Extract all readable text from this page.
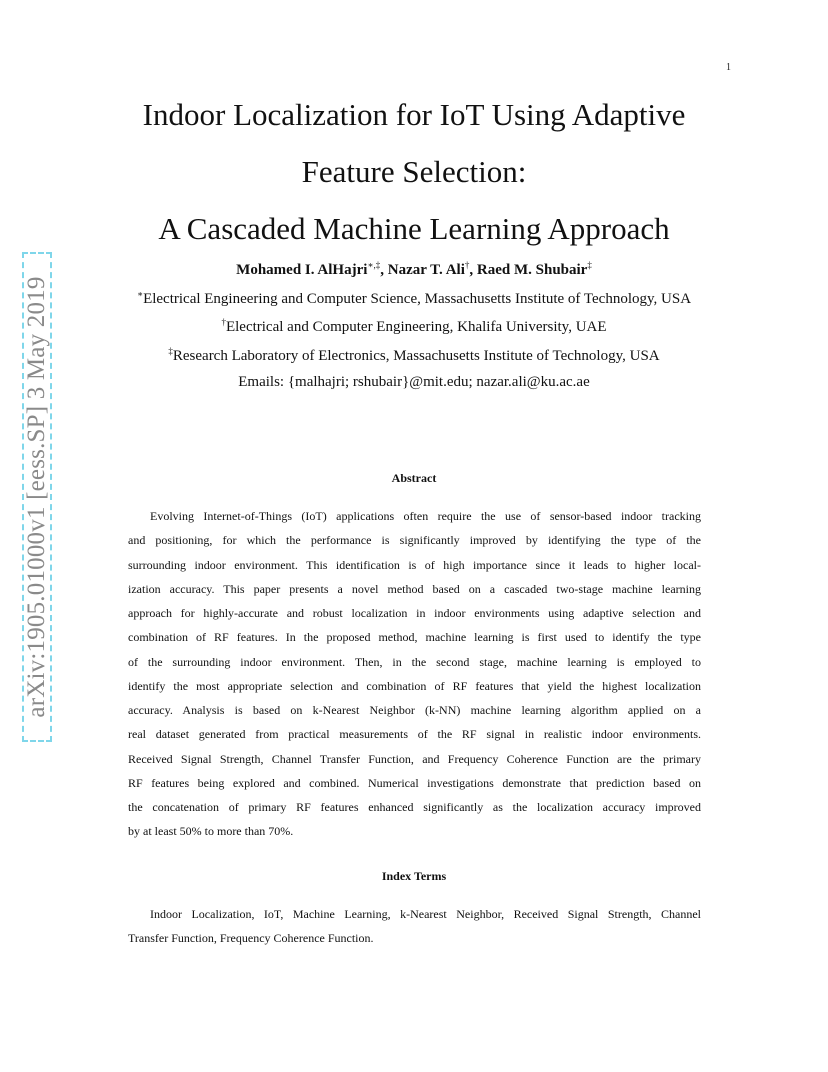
1
arXiv:1905.01000v1 [eess.SP] 3 May 2019
Indoor Localization for IoT Using Adaptive
Feature Selection:
A Cascaded Machine Learning Approach
Mohamed I. AlHajri∗,‡, Nazar T. Ali†, Raed M. Shubair‡
∗Electrical Engineering and Computer Science, Massachusetts Institute of Technology, USA
†Electrical and Computer Engineering, Khalifa University, UAE
‡Research Laboratory of Electronics, Massachusetts Institute of Technology, USA
Emails: {malhajri; rshubair}@mit.edu; nazar.ali@ku.ac.ae
Abstract
Evolving Internet-of-Things (IoT) applications often require the use of sensor-based indoor tracking
and positioning, for which the performance is significantly improved by identifying the type of the
surrounding indoor environment. This identification is of high importance since it leads to higher local-
ization accuracy. This paper presents a novel method based on a cascaded two-stage machine learning
approach for highly-accurate and robust localization in indoor environments using adaptive selection and
combination of RF features. In the proposed method, machine learning is first used to identify the type
of the surrounding indoor environment. Then, in the second stage, machine learning is employed to
identify the most appropriate selection and combination of RF features that yield the highest localization
accuracy. Analysis is based on k-Nearest Neighbor (k-NN) machine learning algorithm applied on a
real dataset generated from practical measurements of the RF signal in realistic indoor environments.
Received Signal Strength, Channel Transfer Function, and Frequency Coherence Function are the primary
RF features being explored and combined. Numerical investigations demonstrate that prediction based on
the concatenation of primary RF features enhanced significantly as the localization accuracy improved
by at least 50% to more than 70%.
Index Terms
Indoor Localization, IoT, Machine Learning, k-Nearest Neighbor, Received Signal Strength, Channel
Transfer Function, Frequency Coherence Function.
